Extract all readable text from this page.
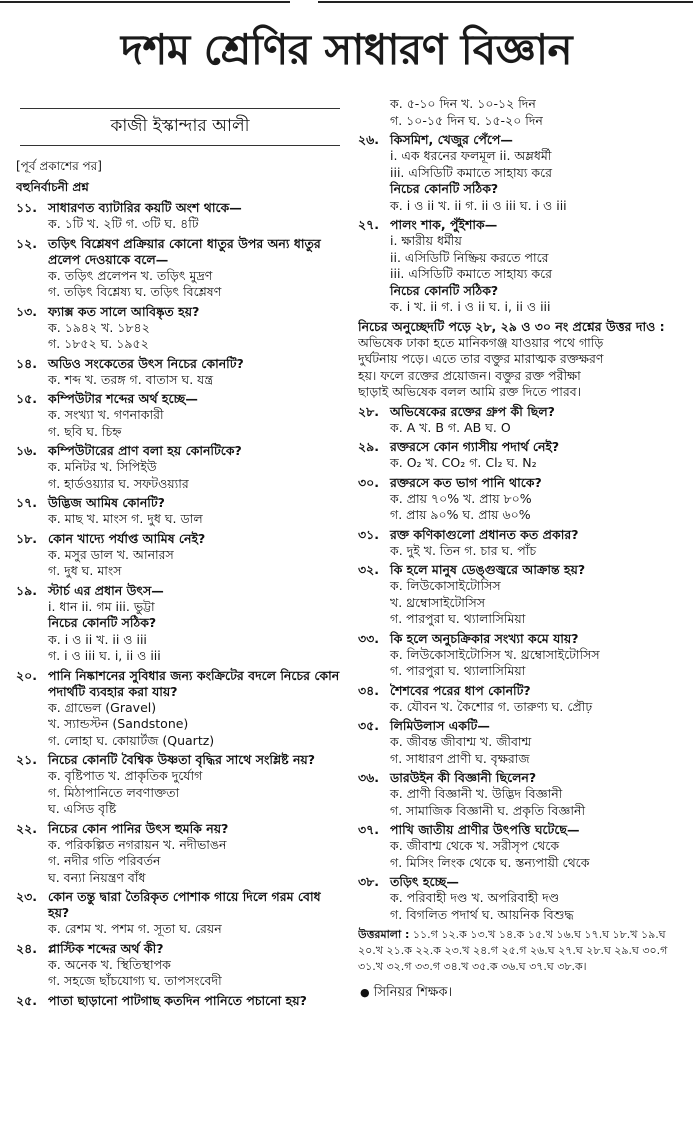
দশম শ্রেণির সাধারণ বিজ্ঞান
কাজী ইস্কান্দার আলী
[পূর্ব প্রকাশের পর]
বহুনির্বাচনী প্রশ্ন
১১. সাধারণত ব্যাটারির কয়টি অংশ থাকে—
ক. ১টি খ. ২টি গ. ৩টি ঘ. ৪টি
১২. তড়িৎ বিশ্লেষণ প্রক্রিয়ার কোনো ধাতুর উপর অন্য ধাতুর প্রলেপ দেওয়াকে বলে—
ক. তড়িৎ প্রলেপন খ. তড়িৎ মুদ্রণ
গ. তড়িৎ বিশ্লেষ্য ঘ. তড়িৎ বিশ্লেষণ
১৩. ফ্যাক্স কত সালে আবিষ্কৃত হয়?
ক. ১৯৪২ খ. ১৮৪২
গ. ১৮৫২ ঘ. ১৯৫২
১৪. অডিও সংকেতের উৎস নিচের কোনটি?
ক. শব্দ খ. তরঙ্গ গ. বাতাস ঘ. যন্ত্র
১৫. কম্পিউটার শব্দের অর্থ হচ্ছে—
ক. সংখ্যা খ. গণনাকারী
গ. ছবি ঘ. চিহ্ন
১৬. কম্পিউটারের প্রাণ বলা হয় কোনটিকে?
ক. মনিটর খ. সিপিইউ
গ. হার্ডওয়্যার ঘ. সফটওয়্যার
১৭. উদ্ভিজ আমিষ কোনটি?
ক. মাছ খ. মাংস গ. দুধ ঘ. ডাল
১৮. কোন খাদ্যে পর্যাপ্ত আমিষ নেই?
ক. মসুর ডাল খ. আনারস
গ. দুধ ঘ. মাংস
১৯. স্টার্চ এর প্রধান উৎস—
i. ধান ii. গম iii. ভুট্টা
নিচের কোনটি সঠিক?
ক. i ও ii খ. ii ও iii
গ. i ও iii ঘ. i, ii ও iii
২০. পানি নিষ্কাশনের সুবিধার জন্য কংক্রিটের বদলে নিচের কোন পদার্থটি ব্যবহার করা যায়?
ক. গ্রাভেল (Gravel)
খ. স্যান্ডস্টন (Sandstone)
গ. লোহা ঘ. কোয়ার্টজ (Quartz)
২১. নিচের কোনটি বৈশ্বিক উষ্ণতা বৃদ্ধির সাথে সংশ্লিষ্ট নয়?
ক. বৃষ্টিপাত খ. প্রাকৃতিক দুর্যোগ
গ. মিঠাপানিতে লবণাক্ততা
ঘ. এসিড বৃষ্টি
২২. নিচের কোন পানির উৎস হুমকি নয়?
ক. পরিকল্পিত নগরায়ন খ. নদীভাঙন
গ. নদীর গতি পরিবর্তন
ঘ. বন্যা নিয়ন্ত্রণ বাঁধ
২৩. কোন তন্তু দ্বারা তৈরিকৃত পোশাক গায়ে দিলে গরম বোধ হয়?
ক. রেশম খ. পশম গ. সূতা ঘ. রেয়ন
২৪. প্লাস্টিক শব্দের অর্থ কী?
ক. অনেক খ. স্থিতিস্থাপক
গ. সহজে ছাঁচযোগ্য ঘ. তাপসংবেদী
২৫. পাতা ছাড়ানো পাটগাছ কতদিন পানিতে পচানো হয়?
ক. ৫-১০ দিন খ. ১০-১২ দিন
গ. ১০-১৫ দিন ঘ. ১৫-২০ দিন
২৬. কিসমিশ, খেজুর পেঁপে—
i. এক ধরনের ফলমূল ii. অম্লধর্মী
iii. এসিডিটি কমাতে সাহায্য করে
নিচের কোনটি সঠিক?
ক. i ও ii খ. ii গ. ii ও iii ঘ. i ও iii
২৭. পালং শাক, পুঁইশাক—
i. ক্ষারীয় ধর্মীয়
ii. এসিডিটি নিষ্ক্রিয় করতে পারে
iii. এসিডিটি কমাতে সাহায্য করে
নিচের কোনটি সঠিক?
ক. i খ. ii গ. i ও ii ঘ. i, ii ও iii
নিচের অনুচ্ছেদটি পড়ে ২৮, ২৯ ও ৩০ নং প্রশ্নের উত্তর দাও :
অভিষেক ঢাকা হতে মানিকগঞ্জ যাওয়ার পথে গাড়ি
দুর্ঘটনায় পড়ে। এতে তার বক্তুর মারাত্মক রক্তক্ষরণ
হয়। ফলে রক্তের প্রয়োজন। বক্তুর রক্ত পরীক্ষা
ছাড়াই অভিষেক বলল আমি রক্ত দিতে পারব।
২৮. অভিষেকের রক্তের গ্রুপ কী ছিল?
ক. A খ. B গ. AB ঘ. O
২৯. রক্তরসে কোন গ্যাসীয় পদার্থ নেই?
ক. O₂ খ. CO₂ গ. Cl₂ ঘ. N₂
৩০. রক্তরসে কত ভাগ পানি থাকে?
ক. প্রায় ৭০% খ. প্রায় ৮০%
গ. প্রায় ৯০% ঘ. প্রায় ৬০%
৩১. রক্ত কণিকাগুলো প্রধানত কত প্রকার?
ক. দুই খ. তিন গ. চার ঘ. পাঁচ
৩২. কি হলে মানুষ ডেঙ্গুজ্বরে আক্রান্ত হয়?
ক. লিউকোসাইটোসিস
খ. থ্রম্বোসাইটোসিস
গ. পারপুরা ঘ. থ্যালাসিমিয়া
৩৩. কি হলে অনুচক্রিকার সংখ্যা কমে যায়?
ক. লিউকোসাইটোসিস খ. থ্রম্বোসাইটোসিস
গ. পারপুরা ঘ. থ্যালাসিমিয়া
৩৪. শৈশবের পরের ধাপ কোনটি?
ক. যৌবন খ. কৈশোর গ. তারুণ্য ঘ. প্রৌঢ়
৩৫. লিমিউলাস একটি—
ক. জীবন্ত জীবাশ্ম খ. জীবাশ্ম
গ. সাধারণ প্রাণী ঘ. বৃক্ষরাজ
৩৬. ডারউইন কী বিজ্ঞানী ছিলেন?
ক. প্রাণী বিজ্ঞানী খ. উদ্ভিদ বিজ্ঞানী
গ. সামাজিক বিজ্ঞানী ঘ. প্রকৃতি বিজ্ঞানী
৩৭. পাখি জাতীয় প্রাণীর উৎপত্তি ঘটেছে—
ক. জীবাশ্ম থেকে খ. সরীসৃপ থেকে
গ. মিসিং লিংক থেকে ঘ. স্তন্যপায়ী থেকে
৩৮. তড়িৎ হচ্ছে—
ক. পরিবাহী দণ্ড খ. অপরিবাহী দণ্ড
গ. বিগলিত পদার্থ ঘ. আয়নিক বিশুদ্ধ
উত্তরমালা : ১১.গ ১২.ক ১৩.খ ১৪.ক ১৫.খ ১৬.ঘ ১৭.ঘ ১৮.খ ১৯.ঘ ২০.খ ২১.ক ২২.ক ২৩.খ ২৪.গ ২৫.গ ২৬.ঘ ২৭.ঘ ২৮.ঘ ২৯.ঘ ৩০.গ ৩১.খ ৩২.গ ৩৩.গ ৩৪.খ ৩৫.ক ৩৬.ঘ ৩৭.ঘ ৩৮.ক।
● সিনিয়র শিক্ষক।
